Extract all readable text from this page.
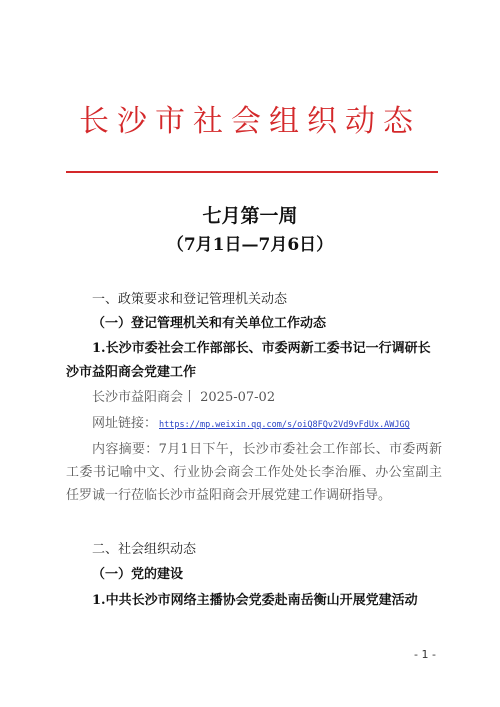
长沙市社会组织动态
七月第一周
（7月1日—7月6日）
一、政策要求和登记管理机关动态
（一）登记管理机关和有关单位工作动态
1.长沙市委社会工作部部长、市委两新工委书记一行调研长
沙市益阳商会党建工作
长沙市益阳商会丨 2025-07-02
网址链接： https://mp.weixin.qq.com/s/oiQ8FQv2Vd9vFdUx.AWJGQ
内容摘要：7月1日下午，长沙市委社会工作部长、市委两新工委书记喻中文、行业协会商会工作处处长李治雁、办公室副主任罗诚一行莅临长沙市益阳商会开展党建工作调研指导。
二、社会组织动态
（一）党的建设
1.中共长沙市网络主播协会党委赴南岳衡山开展党建活动
- 1 -
